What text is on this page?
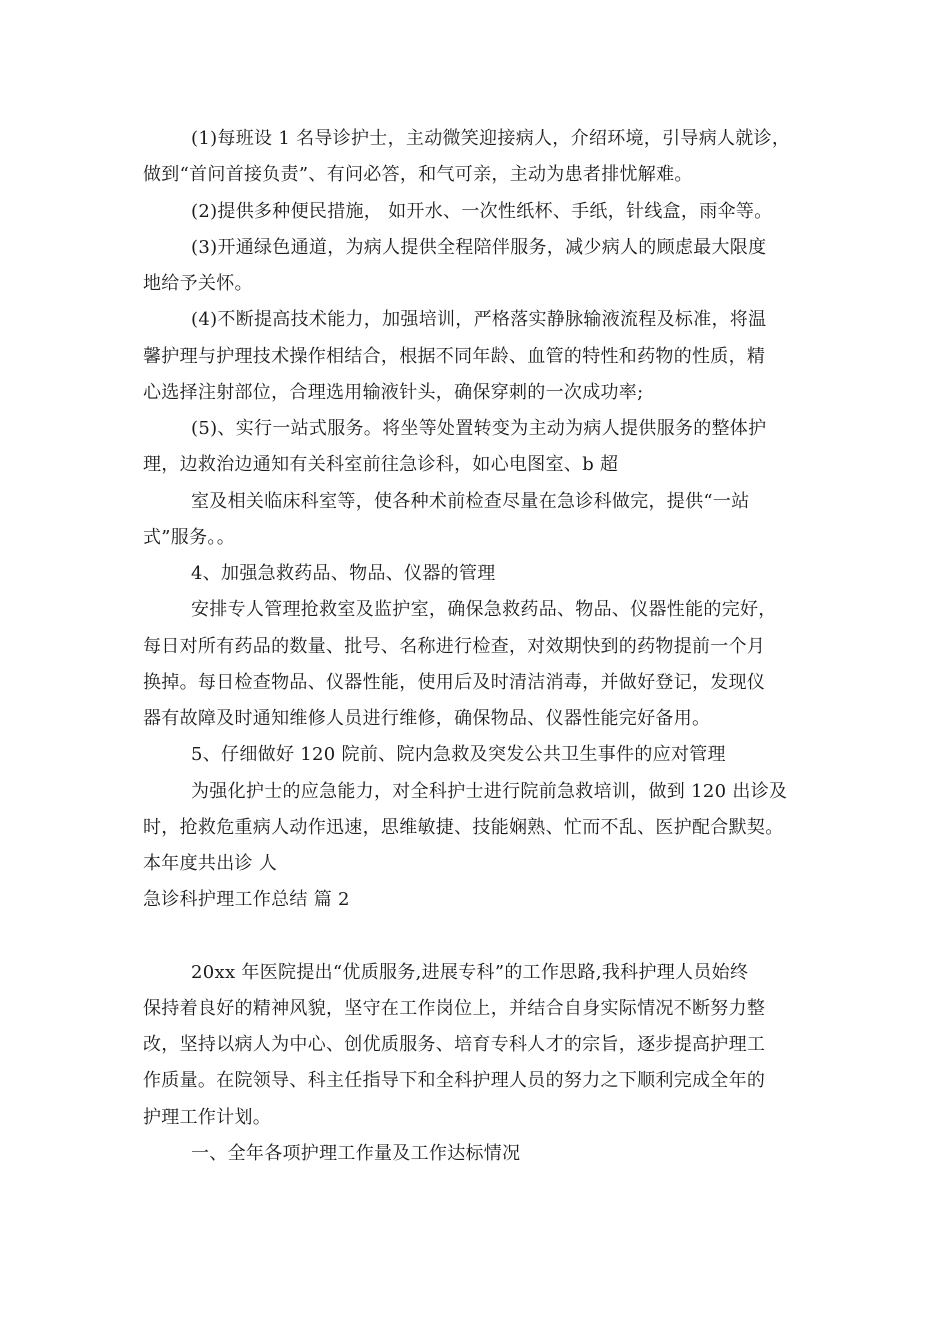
(1)每班设 1 名导诊护士，主动微笑迎接病人，介绍环境，引导病人就诊，
做到“首问首接负责”、有问必答，和气可亲，主动为患者排忧解难。
(2)提供多种便民措施， 如开水、一次性纸杯、手纸，针线盒，雨伞等。
(3)开通绿色通道，为病人提供全程陪伴服务，减少病人的顾虑最大限度
地给予关怀。
(4)不断提高技术能力，加强培训，严格落实静脉输液流程及标准，将温
馨护理与护理技术操作相结合，根据不同年龄、血管的特性和药物的性质，精
心选择注射部位，合理选用输液针头，确保穿刺的一次成功率;
(5)、实行一站式服务。将坐等处置转变为主动为病人提供服务的整体护
理，边救治边通知有关科室前往急诊科，如心电图室、b 超
室及相关临床科室等，使各种术前检查尽量在急诊科做完，提供“一站
式”服务。。
4、加强急救药品、物品、仪器的管理
安排专人管理抢救室及监护室，确保急救药品、物品、仪器性能的完好，
每日对所有药品的数量、批号、名称进行检查，对效期快到的药物提前一个月
换掉。每日检查物品、仪器性能，使用后及时清洁消毒，并做好登记，发现仪
器有故障及时通知维修人员进行维修，确保物品、仪器性能完好备用。
5、仔细做好 120 院前、院内急救及突发公共卫生事件的应对管理
为强化护士的应急能力，对全科护士进行院前急救培训，做到 120 出诊及
时，抢救危重病人动作迅速，思维敏捷、技能娴熟、忙而不乱、医护配合默契。
本年度共出诊 人
急诊科护理工作总结 篇 2
20xx 年医院提出“优质服务,进展专科”的工作思路,我科护理人员始终
保持着良好的精神风貌，坚守在工作岗位上，并结合自身实际情况不断努力整
改，坚持以病人为中心、创优质服务、培育专科人才的宗旨，逐步提高护理工
作质量。在院领导、科主任指导下和全科护理人员的努力之下顺利完成全年的
护理工作计划。
一、全年各项护理工作量及工作达标情况
